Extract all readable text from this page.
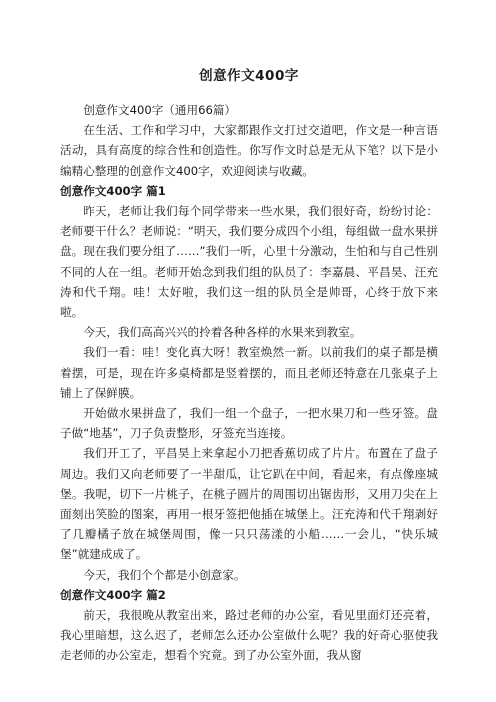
创意作文400字

创意作文400字（通用66篇）

在生活、工作和学习中，大家都跟作文打过交道吧，作文是一种言语活动，具有高度的综合性和创造性。你写作文时总是无从下笔？以下是小编精心整理的创意作文400字，欢迎阅读与收藏。

创意作文400字 篇1

昨天，老师让我们每个同学带来一些水果，我们很好奇，纷纷讨论：老师要干什么？老师说：“明天，我们要分成四个小组，每组做一盘水果拼盘。现在我们要分组了……”我们一听，心里十分激动，生怕和与自己性别不同的人在一组。老师开始念到我们组的队员了：李嘉晨、平昌昊、汪充涛和代千翔。哇！太好啦，我们这一组的队员全是帅哥，心终于放下来啦。

今天，我们高高兴兴的拎着各种各样的水果来到教室。

我们一看：哇！变化真大呀！教室焕然一新。以前我们的桌子都是横着摆，可是，现在许多桌椅都是竖着摆的，而且老师还特意在几张桌子上铺上了保鲜膜。

开始做水果拼盘了，我们一组一个盘子，一把水果刀和一些牙签。盘子做“地基”，刀子负责整形，牙签充当连接。

我们开工了，平昌昊上来拿起小刀把香蕉切成了片片。布置在了盘子周边。我们又向老师要了一半甜瓜，让它趴在中间，看起来，有点像座城堡。我呢，切下一片桃子，在桃子圆片的周围切出锯齿形，又用刀尖在上面刻出笑脸的图案，再用一根牙签把他插在城堡上。汪充涛和代千翔剥好了几瓣橘子放在城堡周围，像一只只荡漾的小船……一会儿，“快乐城堡”就建成成了。

今天，我们个个都是小创意家。

创意作文400字 篇2

前天，我很晚从教室出来，路过老师的办公室，看见里面灯还亮着，我心里暗想，这么迟了，老师怎么还办公室做什么呢？我的好奇心驱使我走老师的办公室走，想看个究竟。到了办公室外面，我从窗
